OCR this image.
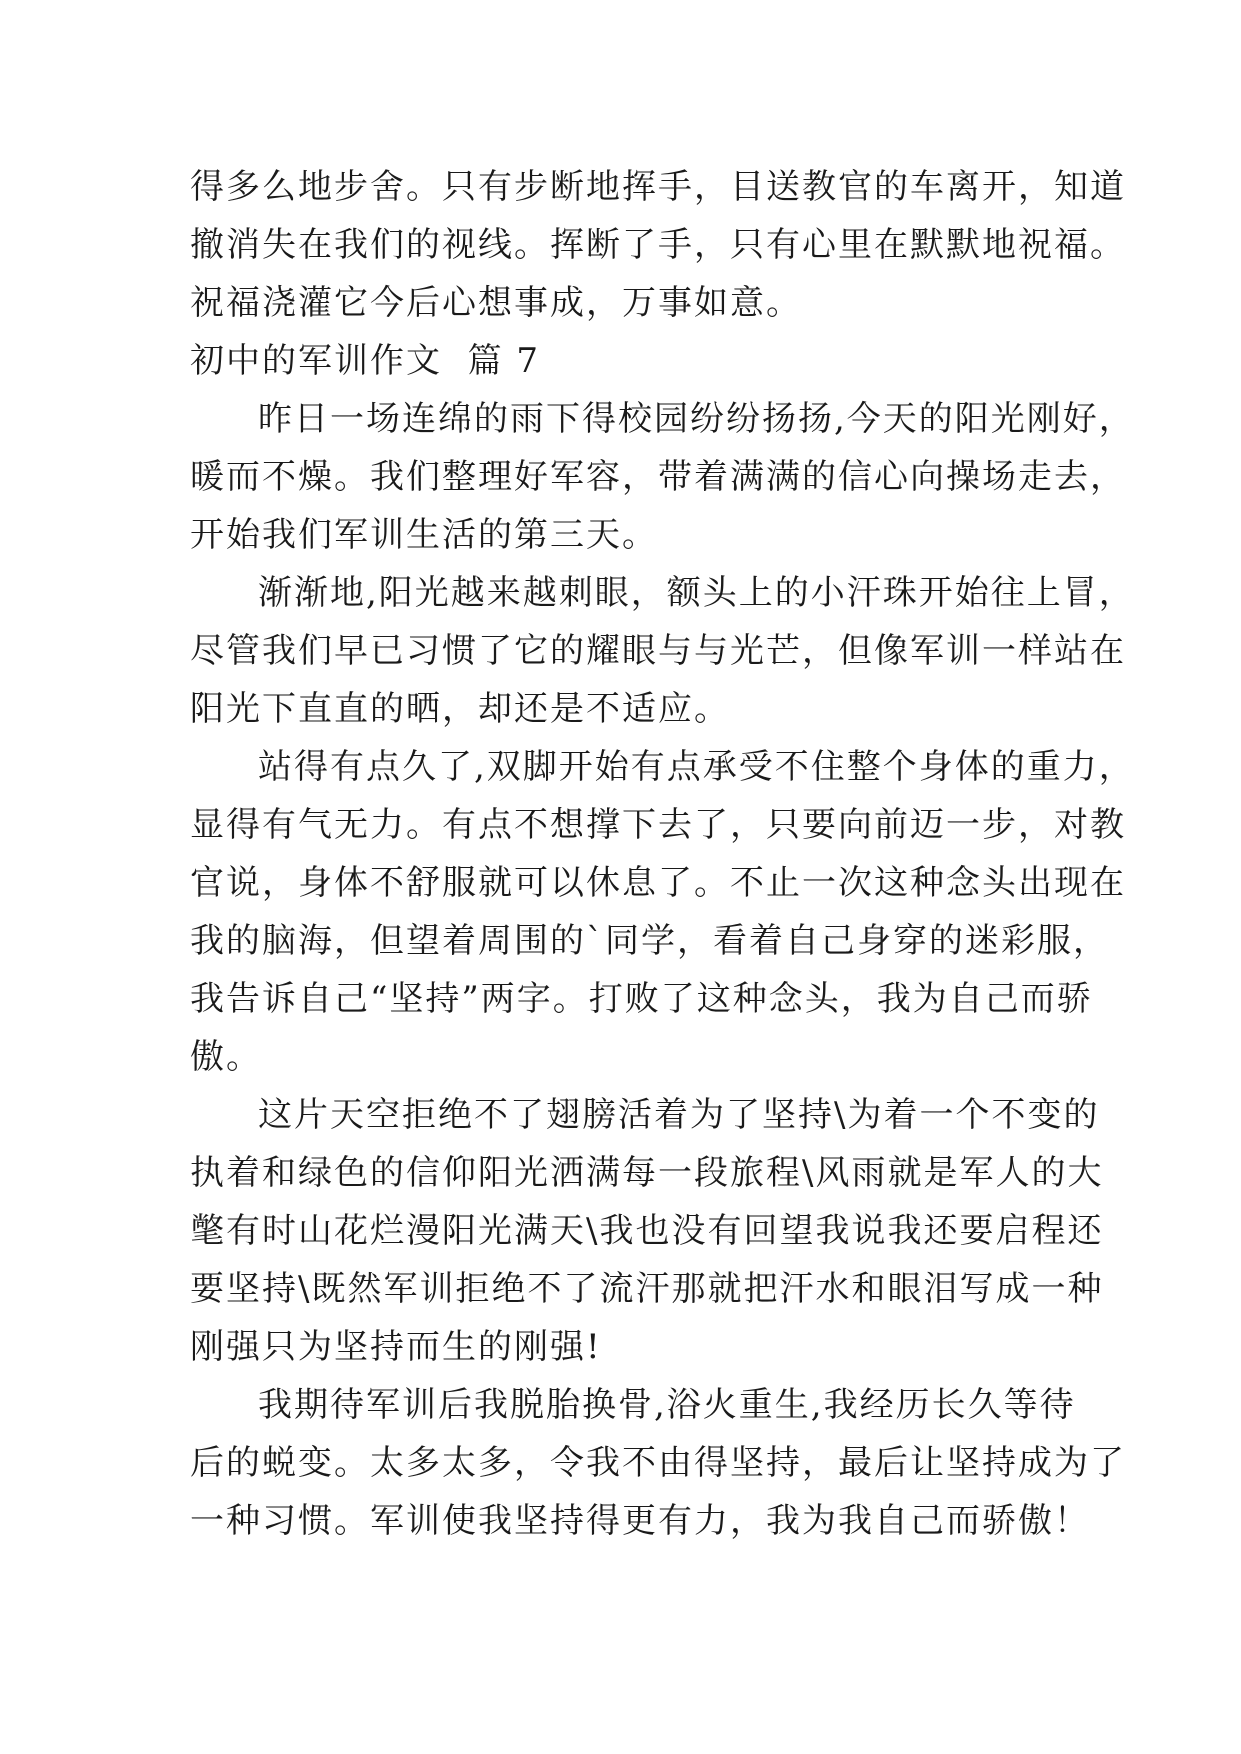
得多么地步舍。只有步断地挥手，目送教官的车离开，知道
撤消失在我们的视线。挥断了手，只有心里在默默地祝福。
祝福浇灌它今后心想事成，万事如意。
初中的军训作文  篇 7
昨日一场连绵的雨下得校园纷纷扬扬,今天的阳光刚好，
暖而不燥。我们整理好军容，带着满满的信心向操场走去，
开始我们军训生活的第三天。
渐渐地,阳光越来越刺眼，额头上的小汗珠开始往上冒，
尽管我们早已习惯了它的耀眼与与光芒，但像军训一样站在
阳光下直直的晒，却还是不适应。
站得有点久了,双脚开始有点承受不住整个身体的重力，
显得有气无力。有点不想撑下去了，只要向前迈一步，对教
官说，身体不舒服就可以休息了。不止一次这种念头出现在
我的脑海，但望着周围的`同学，看着自己身穿的迷彩服，
我告诉自己“坚持”两字。打败了这种念头，我为自己而骄
傲。
这片天空拒绝不了翅膀活着为了坚持\为着一个不变的
执着和绿色的信仰阳光洒满每一段旅程\风雨就是军人的大
氅有时山花烂漫阳光满天\我也没有回望我说我还要启程还
要坚持\既然军训拒绝不了流汗那就把汗水和眼泪写成一种
刚强只为坚持而生的刚强!
我期待军训后我脱胎换骨,浴火重生,我经历长久等待
后的蜕变。太多太多，令我不由得坚持，最后让坚持成为了
一种习惯。军训使我坚持得更有力，我为我自己而骄傲！
